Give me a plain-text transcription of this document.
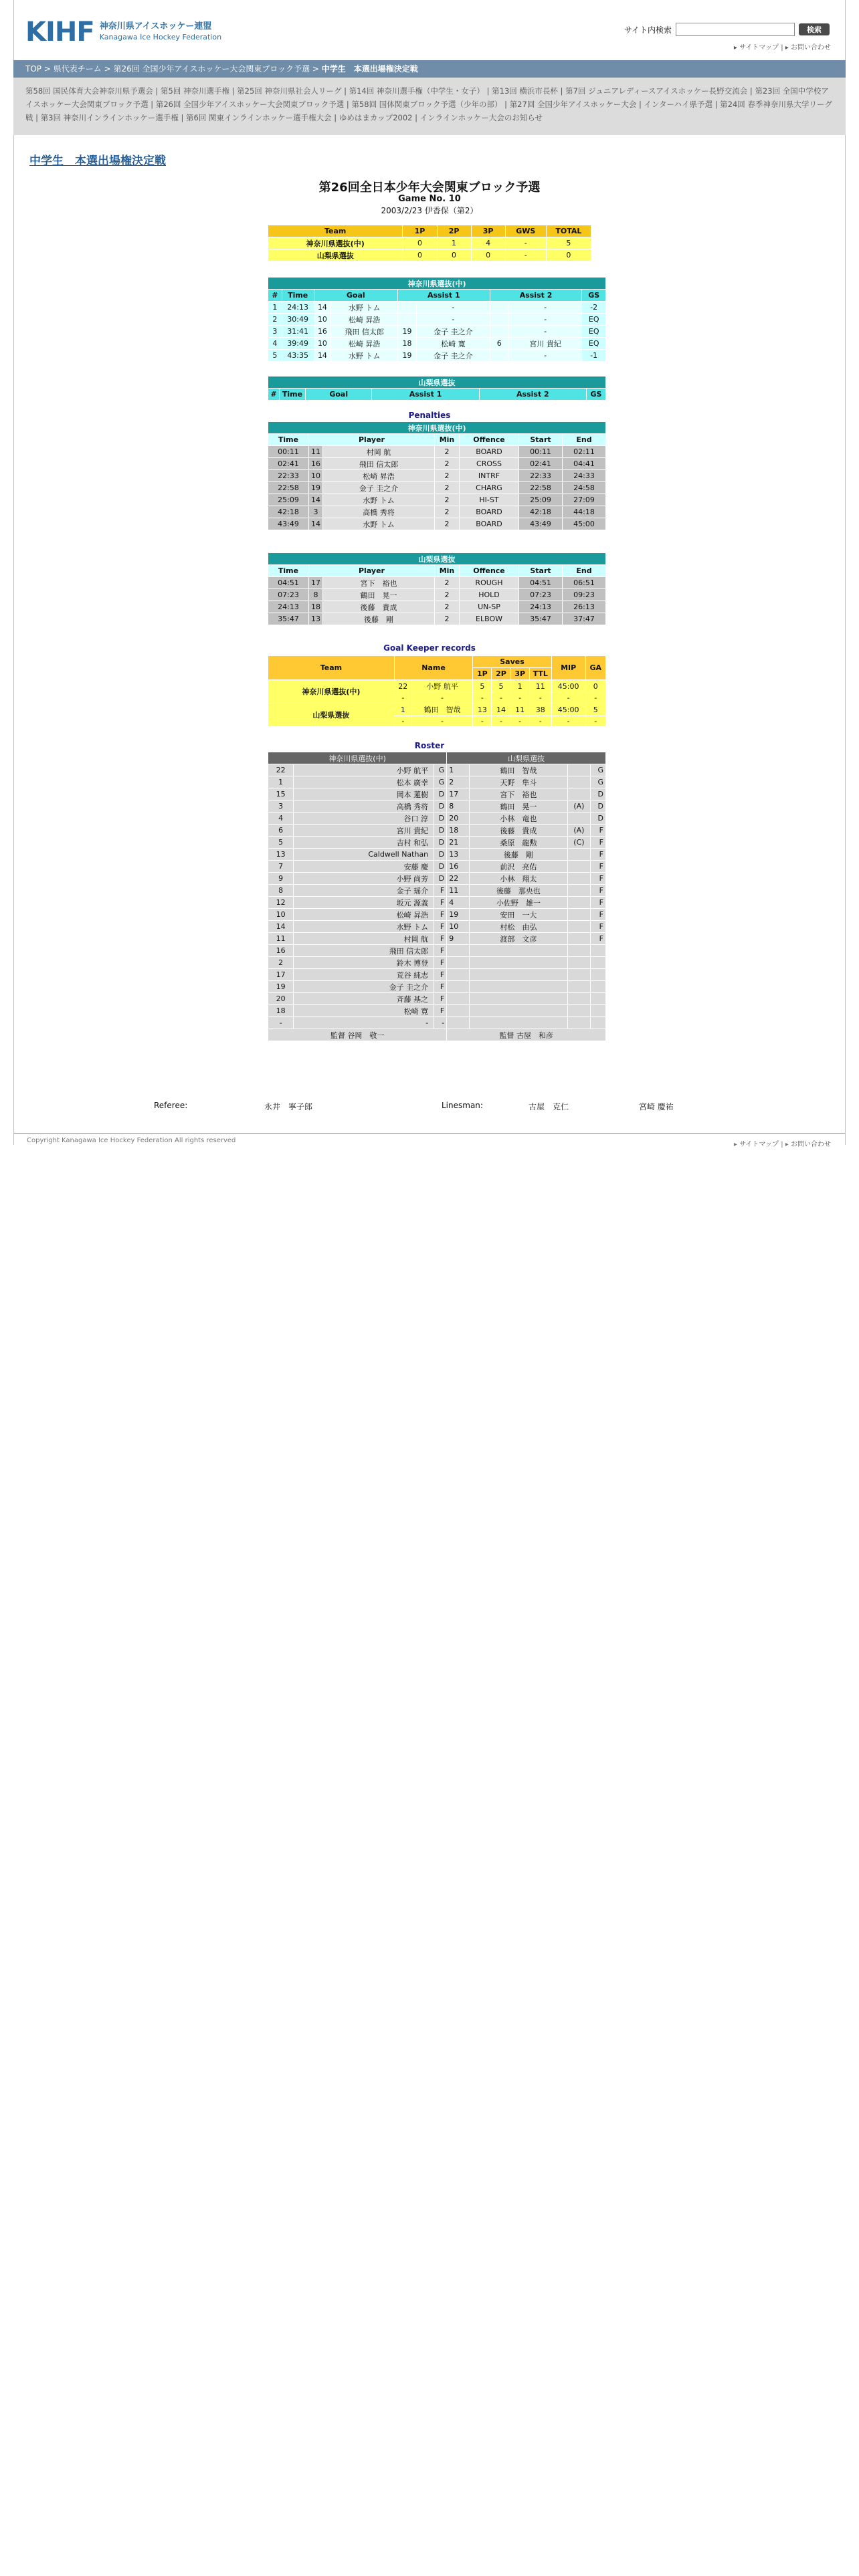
KIHF 神奈川県アイスホッケー連盟
Kanagawa Ice Hockey Federation
サイト内検索	検索
▸ サイトマップ | ▸ お問い合わせ
TOP > 県代表チーム > 第26回 全国少年アイスホッケー大会関東ブロック予選 > 中学生　本選出場権決定戦
第58回 国民体育大会神奈川県予選会 | 第5回 神奈川選手権 | 第25回 神奈川県社会人リーグ | 第14回 神奈川選手権（中学生・女子） | 第13回 横浜市長杯 | 第7回 ジュニアレディースアイスホッケー長野交流会 | 第23回 全国中学校アイスホッケー大会関東ブロック予選 | 第26回 全国少年アイスホッケー大会関東ブロック予選 | 第58回 国体関東ブロック予選（少年の部） | 第27回 全国少年アイスホッケー大会 | インターハイ県予選 | 第24回 春季神奈川県大学リーグ戦 | 第3回 神奈川インラインホッケー選手権 | 第6回 関東インラインホッケー選手権大会 | ゆめはまカップ2002 | インラインホッケー大会のお知らせ
中学生　本選出場権決定戦
第26回全日本少年大会関東ブロック予選
Game No. 10
2003/2/23 伊香保（第2）
Team	1P	2P	3P	GWS	TOTAL
神奈川県選抜(中)	0	1	4	-	5
山梨県選抜	0	0	0	-	0
神奈川県選抜(中)								
#	Time	Goal		Assist 1		Assist 2		GS
1	24:13	14	水野 トム		-		-	-2
2	30:49	10	松崎 昇浩		-		-	EQ
3	31:41	16	飛田 信太郎	19	金子 圭之介		-	EQ
4	39:49	10	松崎 昇浩	18	松崎 寛	6	宮川 貴紀	EQ
5	43:35	14	水野 トム	19	金子 圭之介		-	-1
山梨県選抜
#	Time	Goal	Assist 1	Assist 2	GS
Penalties
神奈川県選抜(中)						
Time	Player		Min	Offence	Start	End
00:11	11	村岡 航	2	BOARD	00:11	02:11
02:41	16	飛田 信太郎	2	CROSS	02:41	04:41
22:33	10	松崎 昇浩	2	INTRF	22:33	24:33
22:58	19	金子 圭之介	2	CHARG	22:58	24:58
25:09	14	水野 トム	2	HI-ST	25:09	27:09
42:18	3	高橋 秀将	2	BOARD	42:18	44:18
43:49	14	水野 トム	2	BOARD	43:49	45:00
山梨県選抜						
Time	Player		Min	Offence	Start	End
04:51	17	宮下　裕也	2	ROUGH	04:51	06:51
07:23	8	鶴田　晃一	2	HOLD	07:23	09:23
24:13	18	後藤　貴成	2	UN-SP	24:13	26:13
35:47	13	後藤　剛	2	ELBOW	35:47	37:47
Goal Keeper records
Team	Name		Saves				MIP	GA
			1P	2P	3P	TTL		
神奈川県選抜(中)	22	小野 航平	5	5	1	11	45:00	0
	-	-	-	-	-	-	-	-
山梨県選抜	1	鶴田　智哉	13	14	11	38	45:00	5
	-	-	-	-	-	-	-	-
Roster
神奈川県選抜(中)			山梨県選抜			
22	小野 航平	G	1	鶴田　智哉		G
1	松本 廣幸	G	2	天野　隼斗		G
15	岡本 蓮樹	D	17	宮下　裕也		D
3	高橋 秀将	D	8	鶴田　晃一	(A)	D
4	谷口 淳	D	20	小林　竜也		D
6	宮川 貴紀	D	18	後藤　貴成	(A)	F
5	吉村 和弘	D	21	桑原　龍勲	(C)	F
13	Caldwell Nathan	D	13	後藤　剛		F
7	安藤 慶	D	16	前沢　亮佑		F
9	小野 尚芳	D	22	小林　翔太		F
8	金子 瑶介	F	11	後藤　那央也		F
12	坂元 源義	F	4	小佐野　雄一		F
10	松崎 昇浩	F	19	安田　一大		F
14	水野 トム	F	10	村松　由弘		F
11	村岡 航	F	9	渡部　文彦		F
16	飛田 信太郎	F				
2	鈴木 博登	F				
17	荒谷 純志	F				
19	金子 圭之介	F				
20	斉藤 基之	F				
18	松崎 寛	F				
-	-	-				
監督 谷岡　敬一			監督 古屋　和彦			
Referee:	永井　寧子郎	Linesman:	古屋　克仁	宮崎 慶祐
Copyright Kanagawa Ice Hockey Federation All rights reserved
▸ サイトマップ | ▸ お問い合わせ
